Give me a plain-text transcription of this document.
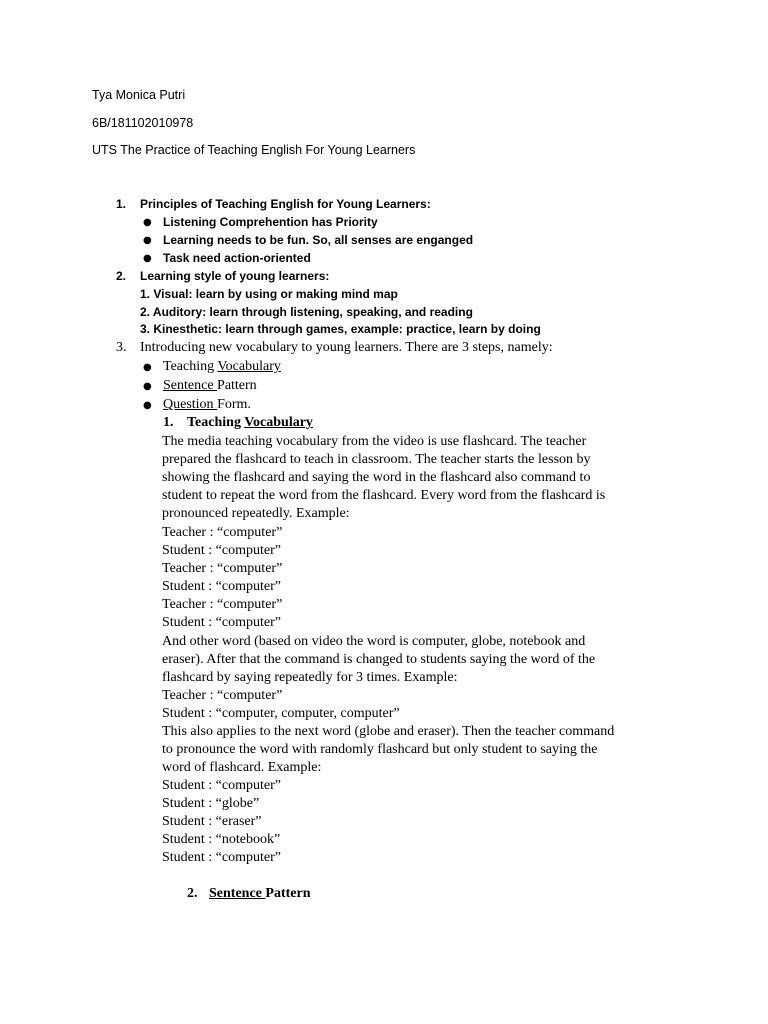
Tya Monica Putri
6B/181102010978
UTS The Practice of Teaching English For Young Learners
1. Principles of Teaching English for Young Learners:
● Listening Comprehention has Priority
● Learning needs to be fun. So, all senses are enganged
● Task need action-oriented
2. Learning style of young learners:
1. Visual: learn by using or making mind map
2. Auditory: learn through listening, speaking, and reading
3. Kinesthetic: learn through games, example: practice, learn by doing
3. Introducing new vocabulary to young learners. There are 3 steps, namely:
● Teaching Vocabulary
● Sentence Pattern
● Question Form.
1. Teaching Vocabulary

The media teaching vocabulary from the video is use flashcard. The teacher

prepared the flashcard to teach in classroom. The teacher starts the lesson by

showing the flashcard and saying the word in the flashcard also command to

student to repeat the word from the flashcard. Every word from the flashcard is

pronounced repeatedly. Example:

Teacher : “computer”

Student : “computer”

Teacher : “computer”

Student : “computer”

Teacher : “computer”

Student : “computer”

And other word (based on video the word is computer, globe, notebook and

eraser). After that the command is changed to students saying the word of the

flashcard by saying repeatedly for 3 times. Example:

Teacher : “computer”

Student : “computer, computer, computer”

This also applies to the next word (globe and eraser). Then the teacher command

to pronounce the word with randomly flashcard but only student to saying the

word of flashcard. Example:

Student : “computer”

Student : “globe”

Student : “eraser”

Student : “notebook”

Student : “computer”

2. Sentence Pattern
